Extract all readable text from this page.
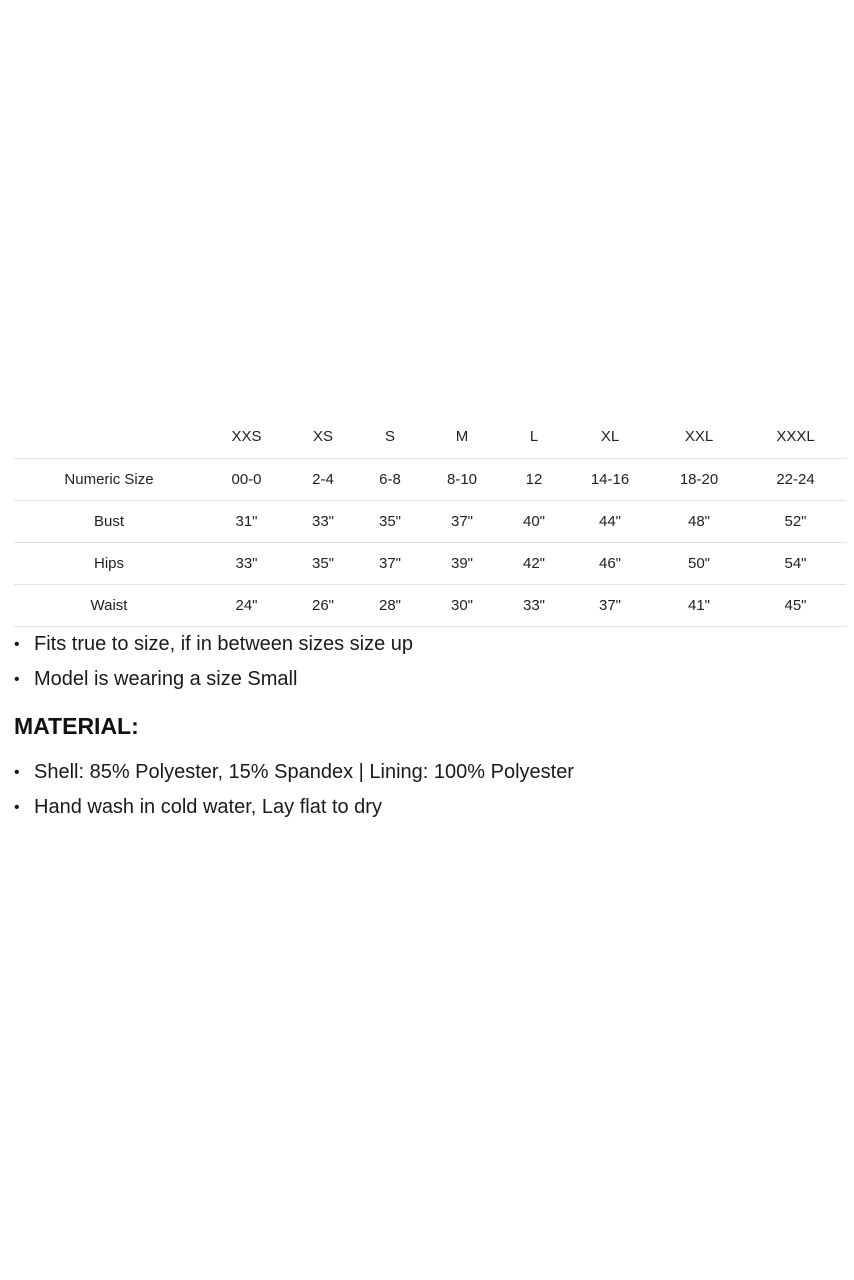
	XXS	XS	S	M	L	XL	XXL	XXXL
Numeric Size	00-0	2-4	6-8	8-10	12	14-16	18-20	22-24
Bust	31"	33"	35"	37"	40"	44"	48"	52"
Hips	33"	35"	37"	39"	42"	46"	50"	54"
Waist	24"	26"	28"	30"	33"	37"	41"	45"
• Fits true to size, if in between sizes size up
• Model is wearing a size Small
MATERIAL:
• Shell: 85% Polyester, 15% Spandex | Lining: 100% Polyester
• Hand wash in cold water, Lay flat to dry
